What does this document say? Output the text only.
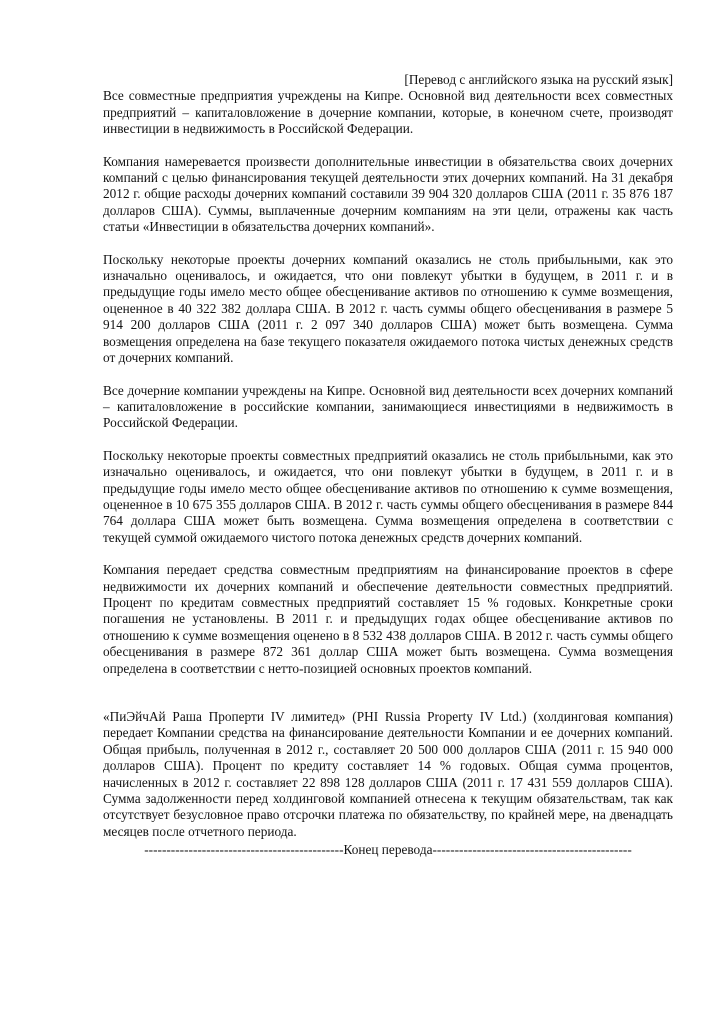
[Перевод с английского языка на русский язык]

Все совместные предприятия учреждены на Кипре. Основной вид деятельности всех совместных предприятий – капиталовложение в дочерние компании, которые, в конечном счете, производят инвестиции в недвижимость в Российской Федерации.

Компания намеревается произвести дополнительные инвестиции в обязательства своих дочерних компаний с целью финансирования текущей деятельности этих дочерних компаний. На 31 декабря 2012 г. общие расходы дочерних компаний составили 39 904 320 долларов США (2011 г. 35 876 187 долларов США). Суммы, выплаченные дочерним компаниям на эти цели, отражены как часть статьи «Инвестиции в обязательства дочерних компаний».

Поскольку некоторые проекты дочерних компаний оказались не столь прибыльными, как это изначально оценивалось, и ожидается, что они повлекут убытки в будущем, в 2011 г. и в предыдущие годы имело место общее обесценивание активов по отношению к сумме возмещения, оцененное в 40 322 382 доллара США. В 2012 г. часть суммы общего обесценивания в размере 5 914 200 долларов США (2011 г. 2 097 340 долларов США) может быть возмещена. Сумма возмещения определена на базе текущего показателя ожидаемого потока чистых денежных средств от дочерних компаний.

Все дочерние компании учреждены на Кипре. Основной вид деятельности всех дочерних компаний – капиталовложение в российские компании, занимающиеся инвестициями в недвижимость в Российской Федерации.

Поскольку некоторые проекты совместных предприятий оказались не столь прибыльными, как это изначально оценивалось, и ожидается, что они повлекут убытки в будущем, в 2011 г. и в предыдущие годы имело место общее обесценивание активов по отношению к сумме возмещения, оцененное в 10 675 355 долларов США. В 2012 г. часть суммы общего обесценивания в размере 844 764 доллара США может быть возмещена. Сумма возмещения определена в соответствии с текущей суммой ожидаемого чистого потока денежных средств дочерних компаний.

Компания передает средства совместным предприятиям на финансирование проектов в сфере недвижимости их дочерних компаний и обеспечение деятельности совместных предприятий. Процент по кредитам совместных предприятий составляет 15 % годовых. Конкретные сроки погашения не установлены. В 2011 г. и предыдущих годах общее обесценивание активов по отношению к сумме возмещения оценено в 8 532 438 долларов США. В 2012 г. часть суммы общего обесценивания в размере 872 361 доллар США может быть возмещена. Сумма возмещения определена в соответствии с нетто-позицией основных проектов компаний.

«ПиЭйчАй Раша Проперти IV лимитед» (PHI Russia Property IV Ltd.) (холдинговая компания) передает Компании средства на финансирование деятельности Компании и ее дочерних компаний. Общая прибыль, полученная в 2012 г., составляет 20 500 000 долларов США (2011 г. 15 940 000 долларов США). Процент по кредиту составляет 14 % годовых. Общая сумма процентов, начисленных в 2012 г. составляет 22 898 128 долларов США (2011 г. 17 431 559 долларов США). Сумма задолженности перед холдинговой компанией отнесена к текущим обязательствам, так как отсутствует безусловное право отсрочки платежа по обязательству, по крайней мере, на двенадцать месяцев после отчетного периода.

---------------------------------------------Конец перевода---------------------------------------------
